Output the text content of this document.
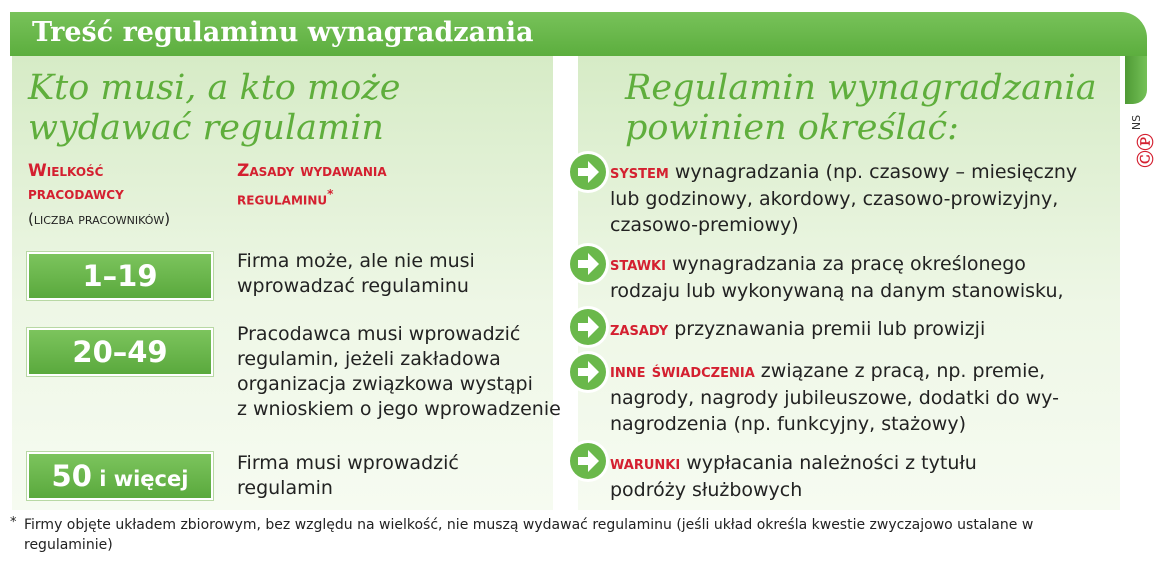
Treść regulaminu wynagradzania
Kto musi, a kto może
wydawać regulamin
Wielkość
pracodawcy
(liczba pracowników)
Zasady wydawania
regulaminu*
1–19	Firma może, ale nie musi
wprowadzać regulaminu
20–49
Pracodawca musi wprowadzić
regulamin, jeżeli zakładowa
organizacja związkowa wystąpi
z wnioskiem o jego wprowadzenie
50 i więcej
Firma musi wprowadzić
regulamin
Regulamin wynagradzania
powinien określać:
system wynagradzania (np. czasowy – miesięczny
lub godzinowy, akordowy, czasowo-prowizyjny,
czasowo-premiowy)
stawki wynagradzania za pracę określonego
rodzaju lub wykonywaną na danym stanowisku,
zasady przyznawania premii lub prowizji
inne świadczenia związane z pracą, np. premie,
nagrody, nagrody jubileuszowe, dodatki do wy-
nagrodzenia (np. funkcyjny, stażowy)
warunki wypłacania należności z tytułu
podróży służbowych
NS
ⒸⓅ
* Firmy objęte układem zbiorowym, bez względu na wielkość, nie muszą wydawać regulaminu (jeśli układ określa kwestie zwyczajowo ustalane w regulaminie)
